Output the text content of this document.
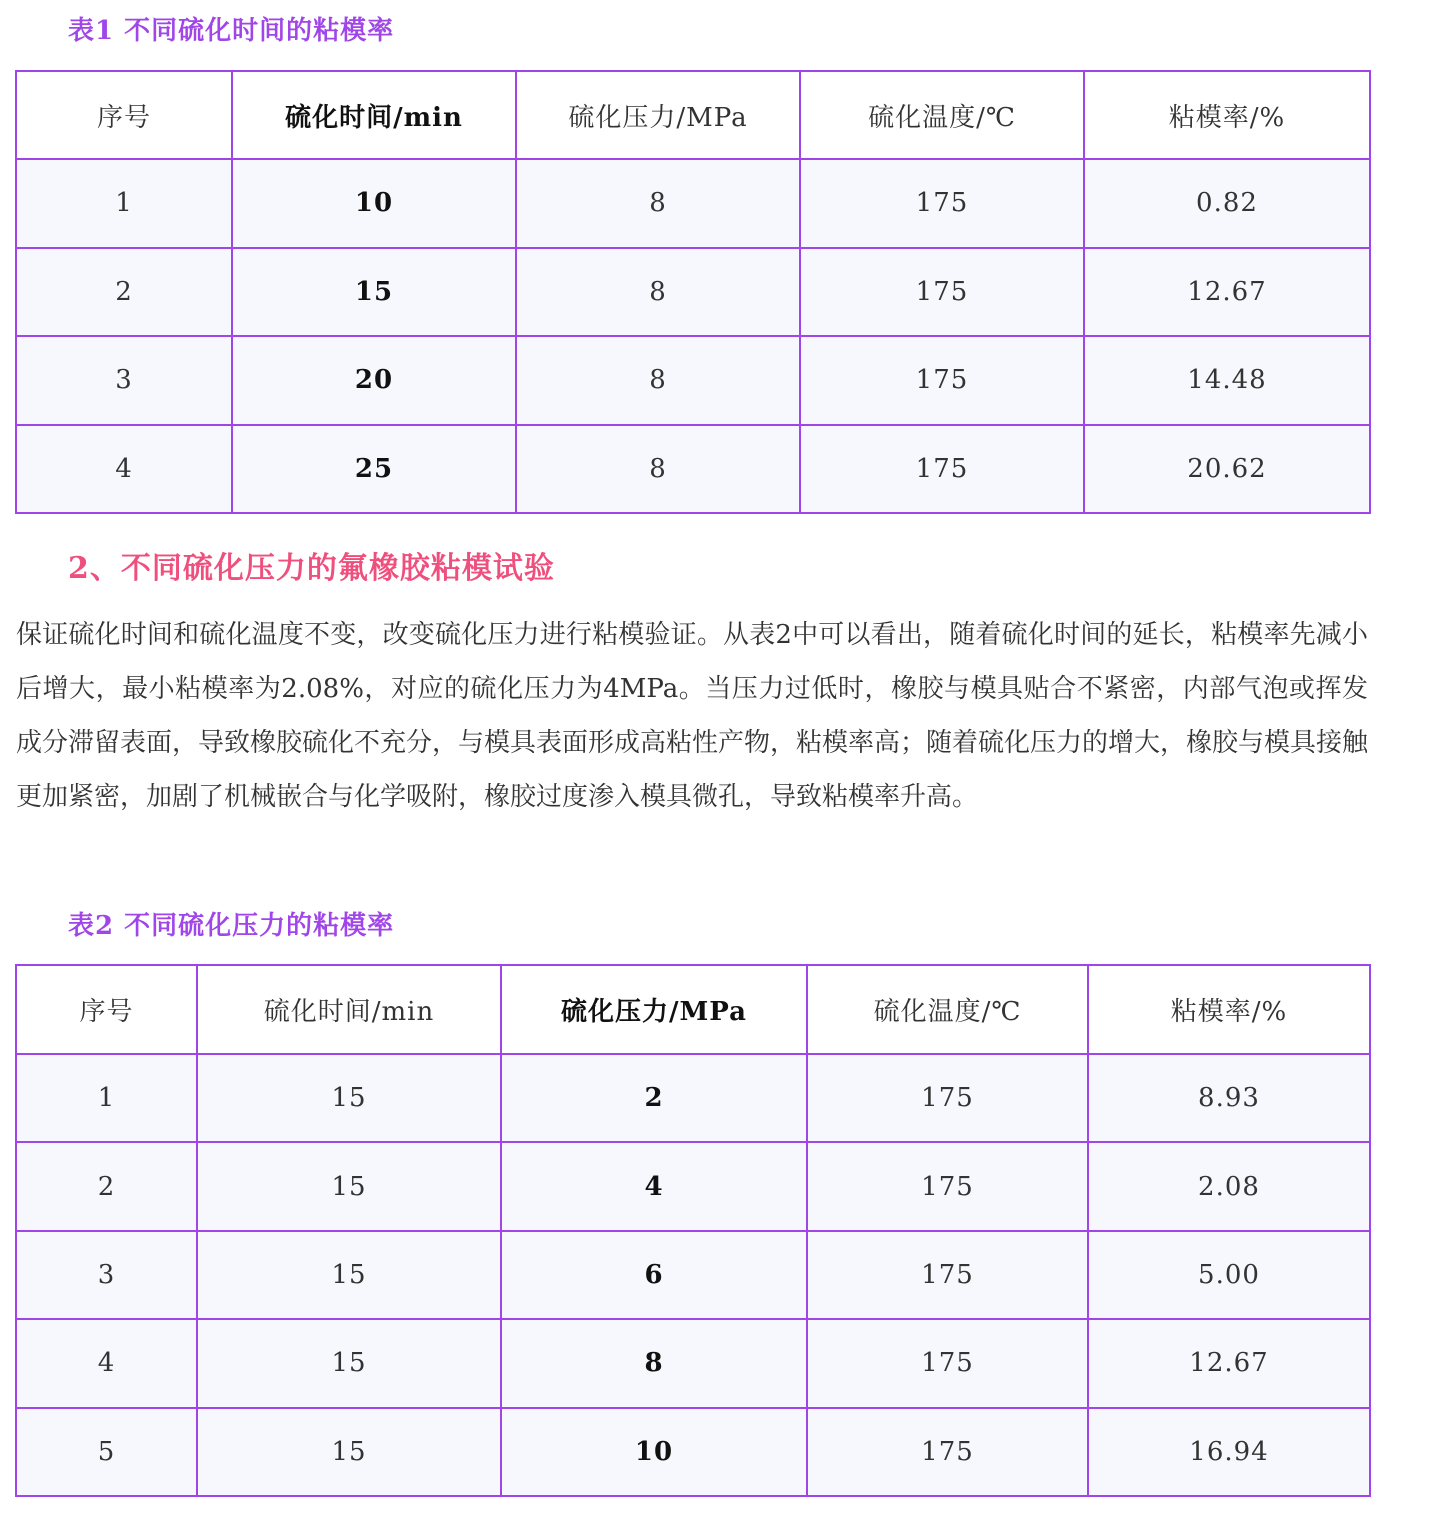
表1 不同硫化时间的粘模率
序号	硫化时间/min	硫化压力/MPa	硫化温度/℃	粘模率/%
1	10	8	175	0.82
2	15	8	175	12.67
3	20	8	175	14.48
4	25	8	175	20.62
2、不同硫化压力的氟橡胶粘模试验

保证硫化时间和硫化温度不变，改变硫化压力进行粘模验证。从表2中可以看出，随着硫化时间的延长，粘模率先减小后增大，最小粘模率为2.08%，对应的硫化压力为4MPa。当压力过低时，橡胶与模具贴合不紧密，内部气泡或挥发成分滞留表面，导致橡胶硫化不充分，与模具表面形成高粘性产物，粘模率高；随着硫化压力的增大，橡胶与模具接触更加紧密，加剧了机械嵌合与化学吸附，橡胶过度渗入模具微孔，导致粘模率升高。

表2 不同硫化压力的粘模率
序号	硫化时间/min	硫化压力/MPa	硫化温度/℃	粘模率/%
1	15	2	175	8.93
2	15	4	175	2.08
3	15	6	175	5.00
4	15	8	175	12.67
5	15	10	175	16.94
